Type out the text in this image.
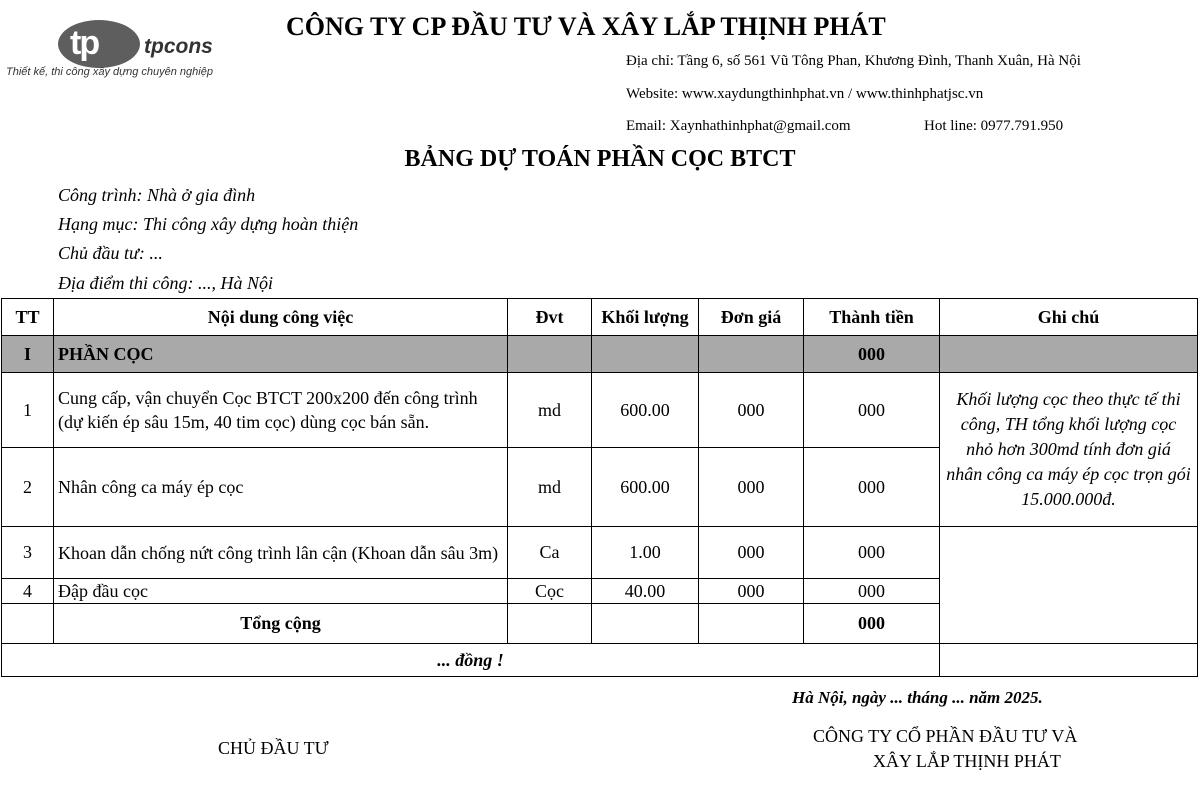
tp tpcons
Thiết kế, thi công xây dựng chuyên nghiệp
CÔNG TY CP ĐẦU TƯ VÀ XÂY LẮP THỊNH PHÁT
Địa chỉ: Tầng 6, số 561 Vũ Tông Phan, Khương Đình, Thanh Xuân, Hà Nội
Website: www.xaydungthinhphat.vn / www.thinhphatjsc.vn
Email: Xaynhathinhphat@gmail.com	Hot line: 0977.791.950
BẢNG DỰ TOÁN PHẦN CỌC BTCT
Công trình: Nhà ở gia đình
Hạng mục: Thi công xây dựng hoàn thiện
Chủ đầu tư: ...
Địa điểm thi công: ..., Hà Nội
TT	Nội dung công việc	Đvt	Khối lượng	Đơn giá	Thành tiền	Ghi chú
I	PHẦN CỌC				000	
1	Cung cấp, vận chuyển Cọc BTCT 200x200 đến công trình (dự kiến ép sâu 15m, 40 tim cọc) dùng cọc bán sẵn.	md	600.00	000	000	Khối lượng cọc theo thực tế thi công, TH tổng khối lượng cọc nhỏ hơn 300md tính đơn giá nhân công ca máy ép cọc trọn gói 15.000.000đ.
2	Nhân công ca máy ép cọc	md	600.00	000	000	
3	Khoan dẫn chống nứt công trình lân cận (Khoan dẫn sâu 3m)	Ca	1.00	000	000	
4	Đập đầu cọc	Cọc	40.00	000	000	
	Tổng cộng				000	
... đồng !						
Hà Nội, ngày ... tháng ... năm 2025.
CHỦ ĐẦU TƯ
CÔNG TY CỔ PHẦN ĐẦU TƯ VÀ
XÂY LẮP THỊNH PHÁT
